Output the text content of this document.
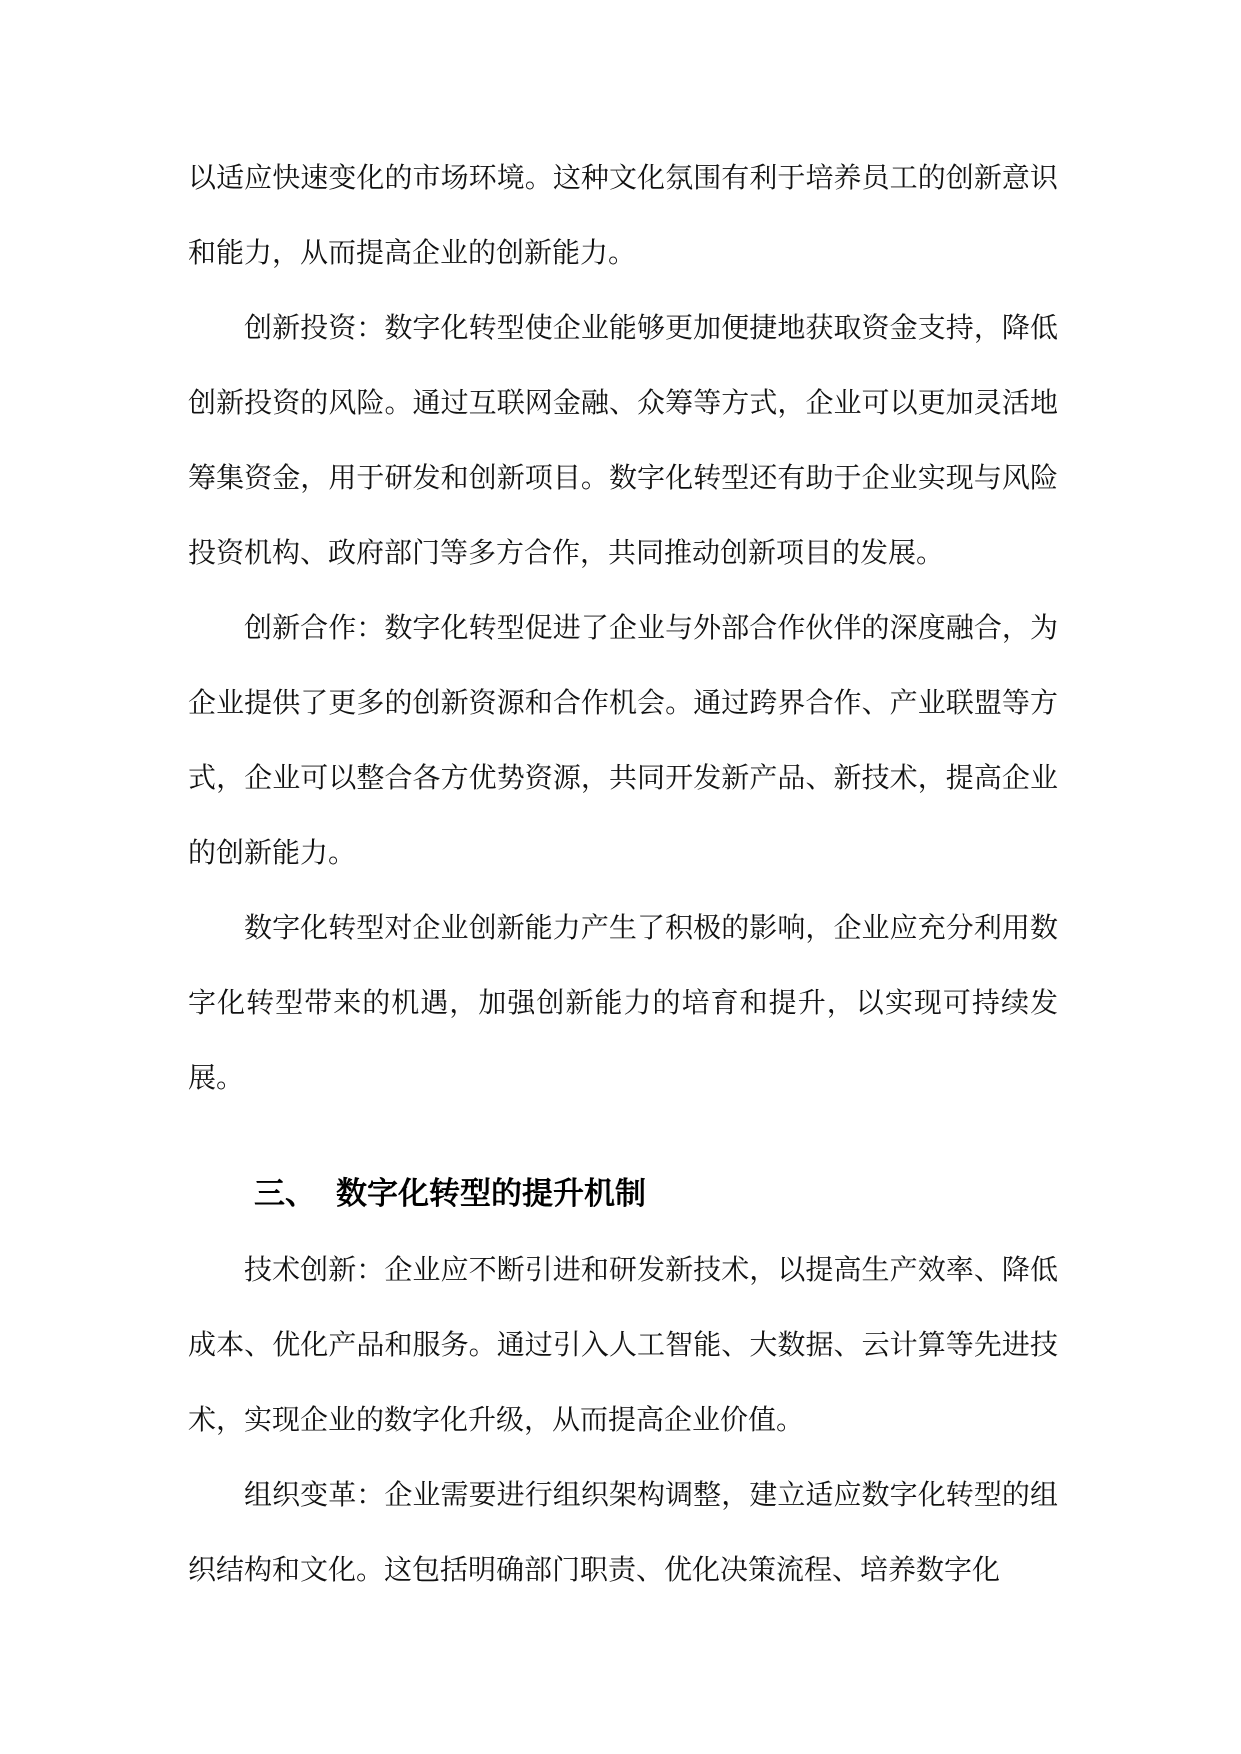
以适应快速变化的市场环境。这种文化氛围有利于培养员工的创新意识和能力，从而提高企业的创新能力。

创新投资：数字化转型使企业能够更加便捷地获取资金支持，降低创新投资的风险。通过互联网金融、众筹等方式，企业可以更加灵活地筹集资金，用于研发和创新项目。数字化转型还有助于企业实现与风险投资机构、政府部门等多方合作，共同推动创新项目的发展。

创新合作：数字化转型促进了企业与外部合作伙伴的深度融合，为企业提供了更多的创新资源和合作机会。通过跨界合作、产业联盟等方式，企业可以整合各方优势资源，共同开发新产品、新技术，提高企业的创新能力。

数字化转型对企业创新能力产生了积极的影响，企业应充分利用数字化转型带来的机遇，加强创新能力的培育和提升，以实现可持续发展。

三、 数字化转型的提升机制

技术创新：企业应不断引进和研发新技术，以提高生产效率、降低成本、优化产品和服务。通过引入人工智能、大数据、云计算等先进技术，实现企业的数字化升级，从而提高企业价值。

组织变革：企业需要进行组织架构调整，建立适应数字化转型的组织结构和文化。这包括明确部门职责、优化决策流程、培养数字化
